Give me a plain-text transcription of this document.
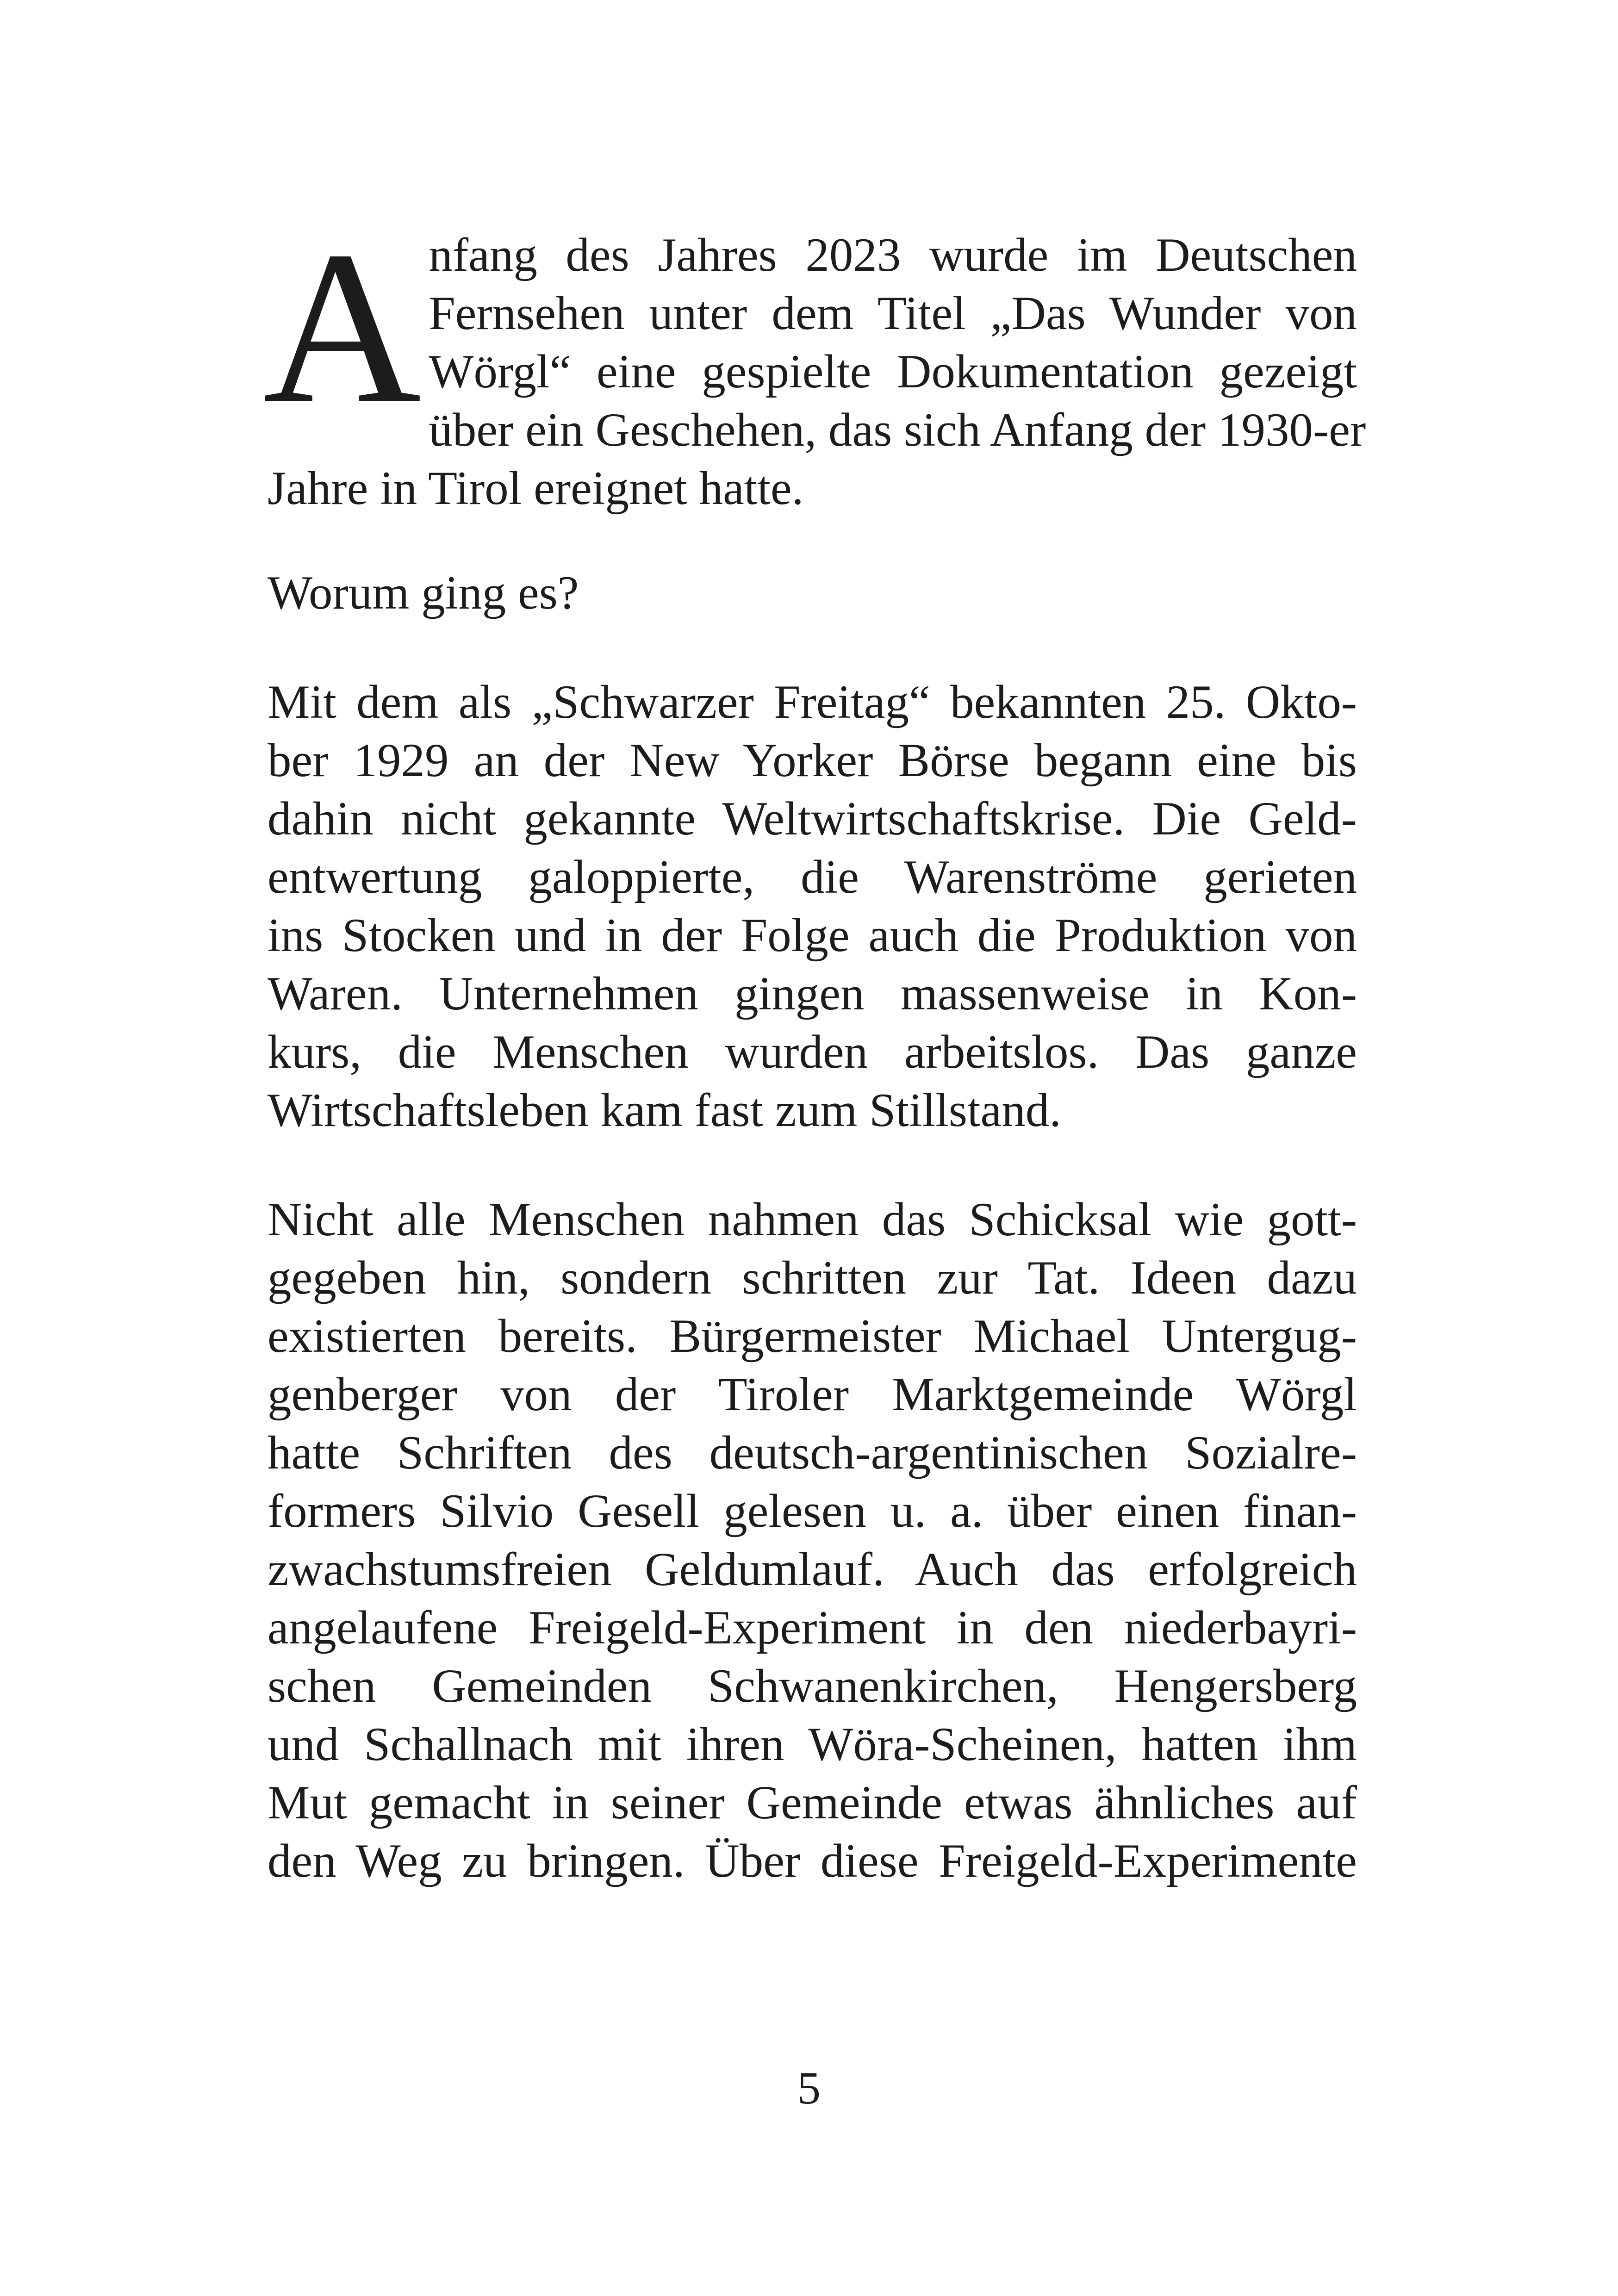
A nfang des Jahres 2023 wurde im Deutschen
Fernsehen unter dem Titel „Das Wunder von
Wörgl“ eine gespielte Dokumentation gezeigt
über ein Geschehen, das sich Anfang der 1930-er
Jahre in Tirol ereignet hatte.

Worum ging es?

Mit dem als „Schwarzer Freitag“ bekannten 25. Okto-
ber 1929 an der New Yorker Börse begann eine bis
dahin nicht gekannte Weltwirtschaftskrise. Die Geld-
entwertung galoppierte, die Warenströme gerieten
ins Stocken und in der Folge auch die Produktion von
Waren. Unternehmen gingen massenweise in Kon-
kurs, die Menschen wurden arbeitslos. Das ganze
Wirtschaftsleben kam fast zum Stillstand.

Nicht alle Menschen nahmen das Schicksal wie gott-
gegeben hin, sondern schritten zur Tat. Ideen dazu
existierten bereits. Bürgermeister Michael Untergug-
genberger von der Tiroler Marktgemeinde Wörgl
hatte Schriften des deutsch-argentinischen Sozialre-
formers Silvio Gesell gelesen u. a. über einen finan-
zwachstumsfreien Geldumlauf. Auch das erfolgreich
angelaufene Freigeld-Experiment in den niederbayri-
schen Gemeinden Schwanenkirchen, Hengersberg
und Schallnach mit ihren Wöra-Scheinen, hatten ihm
Mut gemacht in seiner Gemeinde etwas ähnliches auf
den Weg zu bringen. Über diese Freigeld-Experimente

5
